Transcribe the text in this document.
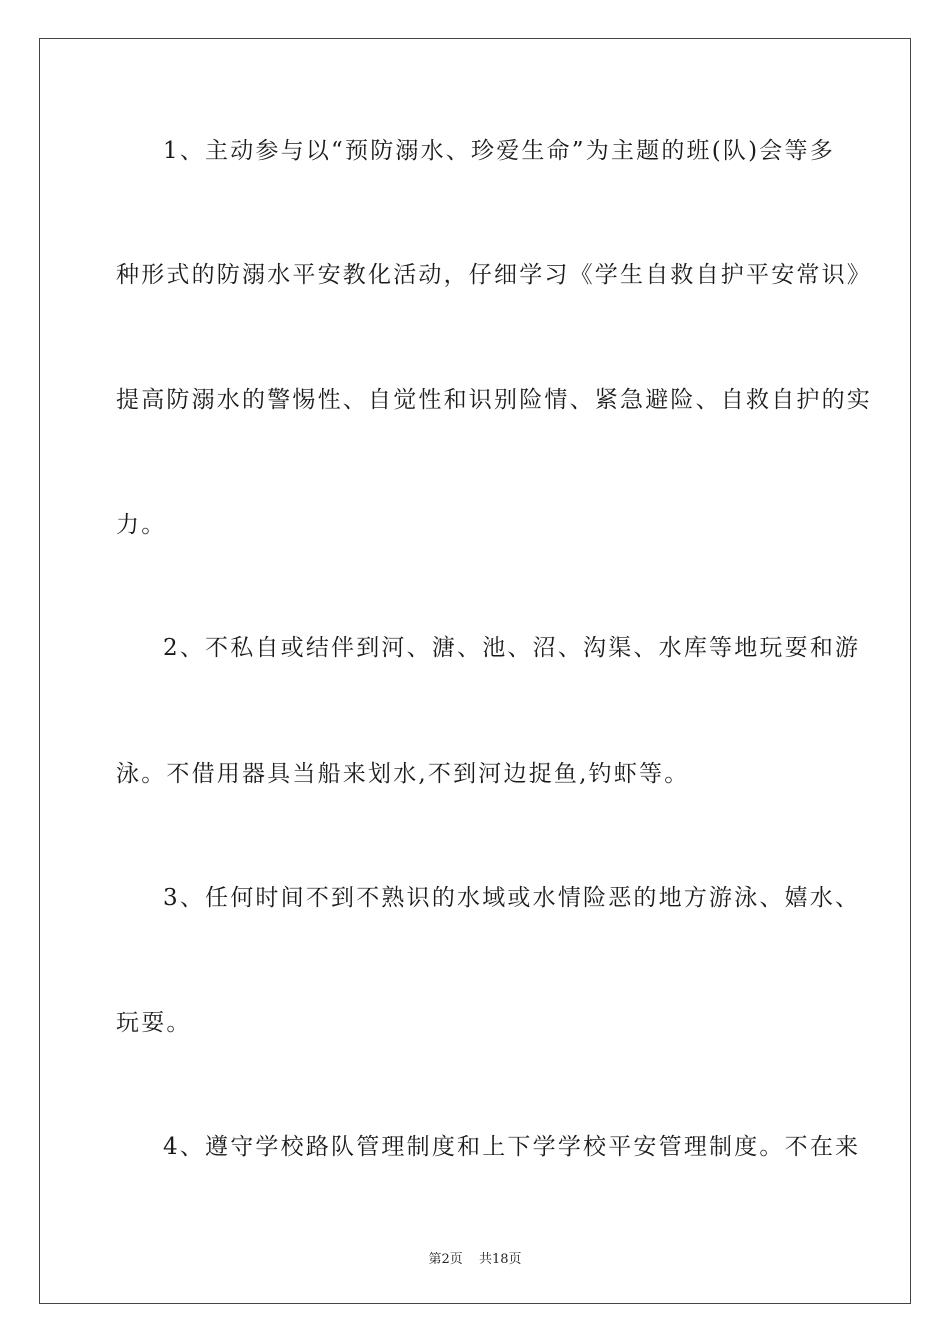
1、主动参与以“预防溺水、珍爱生命”为主题的班(队)会等多
种形式的防溺水平安教化活动，仔细学习《学生自救自护平安常识》
提高防溺水的警惕性、自觉性和识别险情、紧急避险、自救自护的实
力。
2、不私自或结伴到河、溏、池、沼、沟渠、水库等地玩耍和游
泳。不借用器具当船来划水,不到河边捉鱼,钓虾等。
3、任何时间不到不熟识的水域或水情险恶的地方游泳、嬉水、
玩耍。
4、遵守学校路队管理制度和上下学学校平安管理制度。不在来
第2页 共18页
